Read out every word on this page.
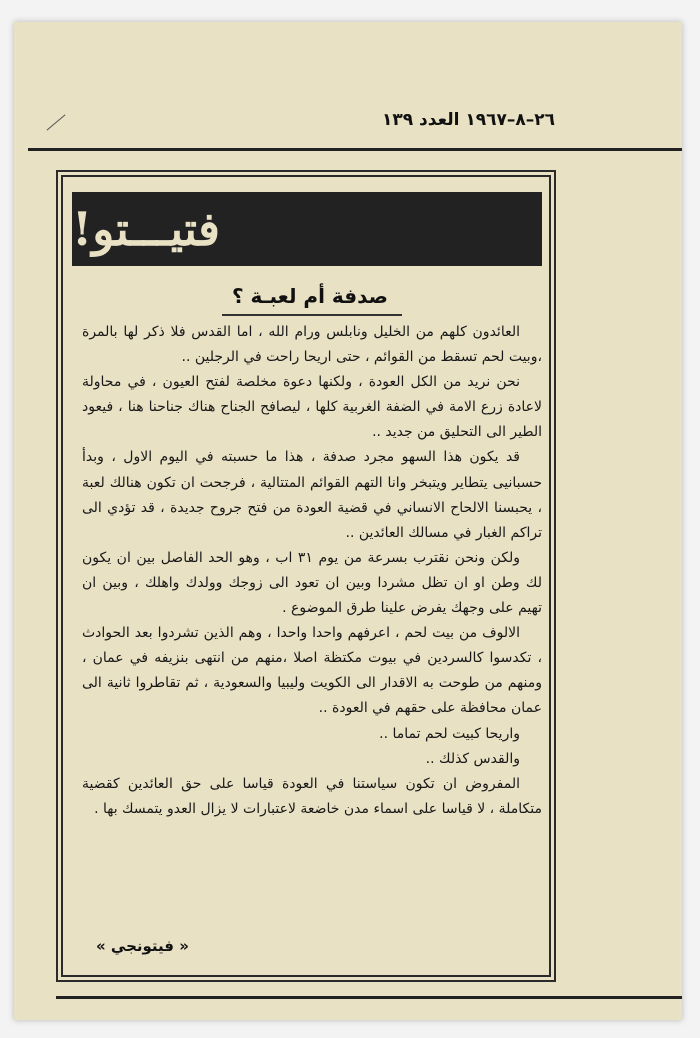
٢٦–٨–١٩٦٧ العدد ١٣٩
فتيـــتو!
صدفة أم لعبـة ؟

العائدون كلهم من الخليل ونابلس ورام الله ، اما القدس فلا ذكر لها بالمرة ،وبيت لحم تسقط من القوائم ، حتى اريحا راحت في الرجلين ..

نحن نريد من الكل العودة ، ولكنها دعوة مخلصة لفتح العيون ، في محاولة لاعادة زرع الامة في الضفة الغربية كلها ، ليصافح الجناح هناك جناحنا هنا ، فيعود الطير الى التحليق من جديد ..

قد يكون هذا السهو مجرد صدفة ، هذا ما حسبته في اليوم الاول ، وبدأ حسبانيى يتطاير ويتبخر وانا التهم القوائم المتتالية ، فرجحت ان تكون هنالك لعبة ، يحبسنا الالحاح الانساني في قضية العودة من فتح جروح جديدة ، قد تؤدي الى تراكم الغبار في مسالك العائدين ..

ولكن ونحن نقترب بسرعة من يوم ٣١ اب ، وهو الحد الفاصل بين ان يكون لك وطن او ان تظل مشردا وبين ان تعود الى زوجك وولدك واهلك ، وبين ان تهيم على وجهك يفرض علينا طرق الموضوع .

الالوف من بيت لحم ، اعرفهم واحدا واحدا ، وهم الذين تشردوا بعد الحوادث ، تكدسوا كالسردين في بيوت مكتظة اصلا ،منهم من انتهى بنزيفه في عمان ، ومنهم من طوحت به الاقدار الى الكويت وليبيا والسعودية ، ثم تقاطروا ثانية الى عمان محافظة على حقهم في العودة ..

واريحا كبيت لحم تماما ..

والقدس كذلك ..

المفروض ان تكون سياستنا في العودة قياسا على حق العائدين كقضية متكاملة ، لا قياسا على اسماء مدن خاضعة لاعتبارات لا يزال العدو يتمسك بها .

« فيتونجي »
